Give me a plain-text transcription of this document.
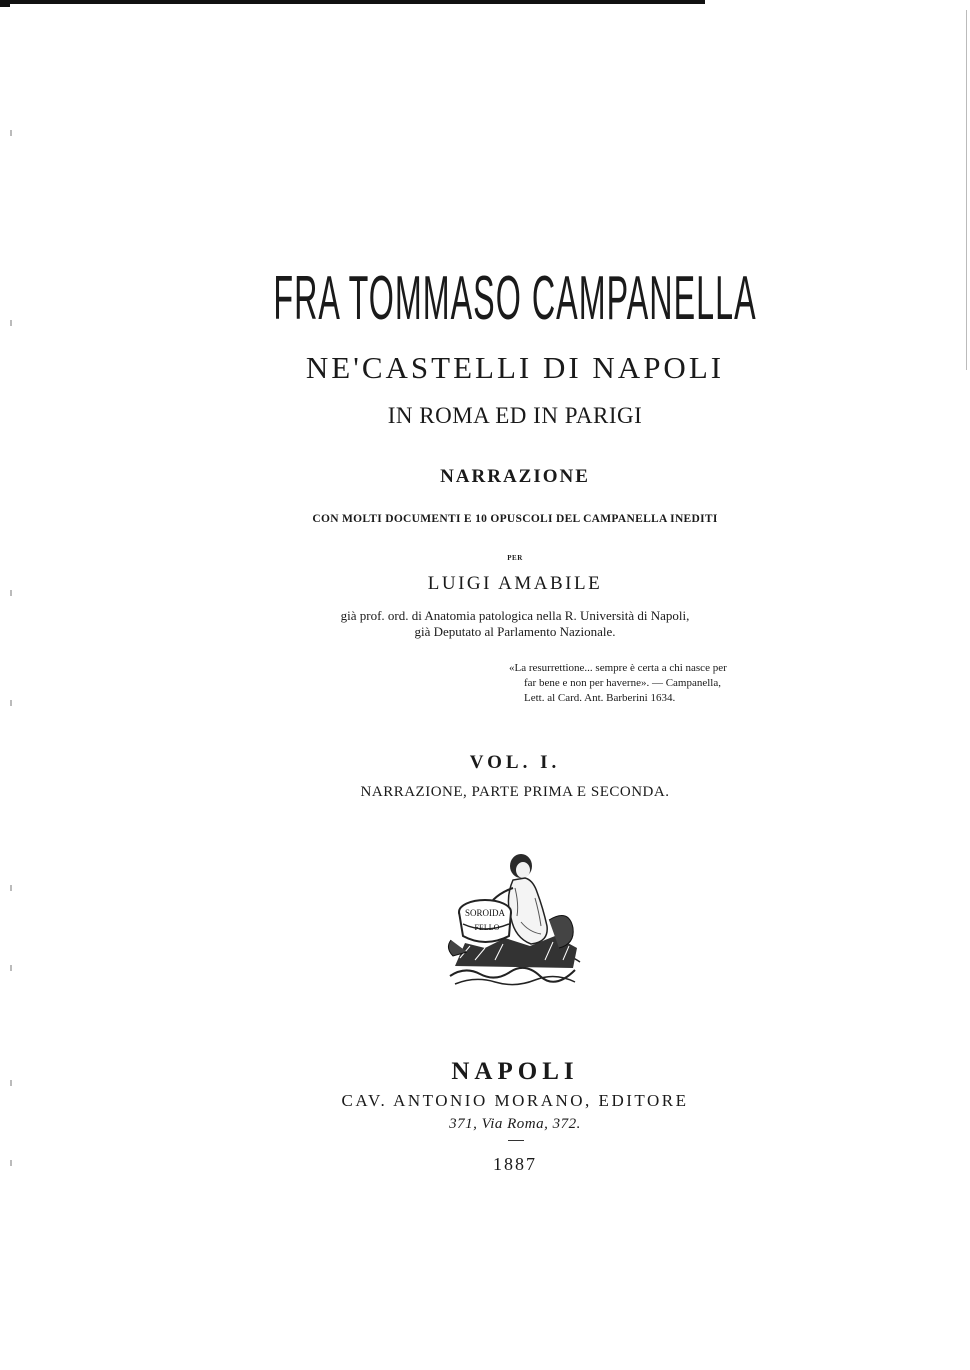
FRA TOMMASO CAMPANELLA
NE'CASTELLI DI NAPOLI
IN ROMA ED IN PARIGI
NARRAZIONE
CON MOLTI DOCUMENTI E 10 OPUSCOLI DEL CAMPANELLA INEDITI
PER
LUIGI AMABILE
già prof. ord. di Anatomia patologica nella R. Università di Napoli,
già Deputato al Parlamento Nazionale.
«La resurrettione... sempre è certa a chi nasce per
far bene e non per haverne». — Campanella,
Lett. al Card. Ant. Barberini 1634.
VOL. I.
NARRAZIONE, PARTE PRIMA E SECONDA.
SOROIDA
FELLO
NAPOLI
CAV. ANTONIO MORANO, EDITORE
371, Via Roma, 372.
1887
